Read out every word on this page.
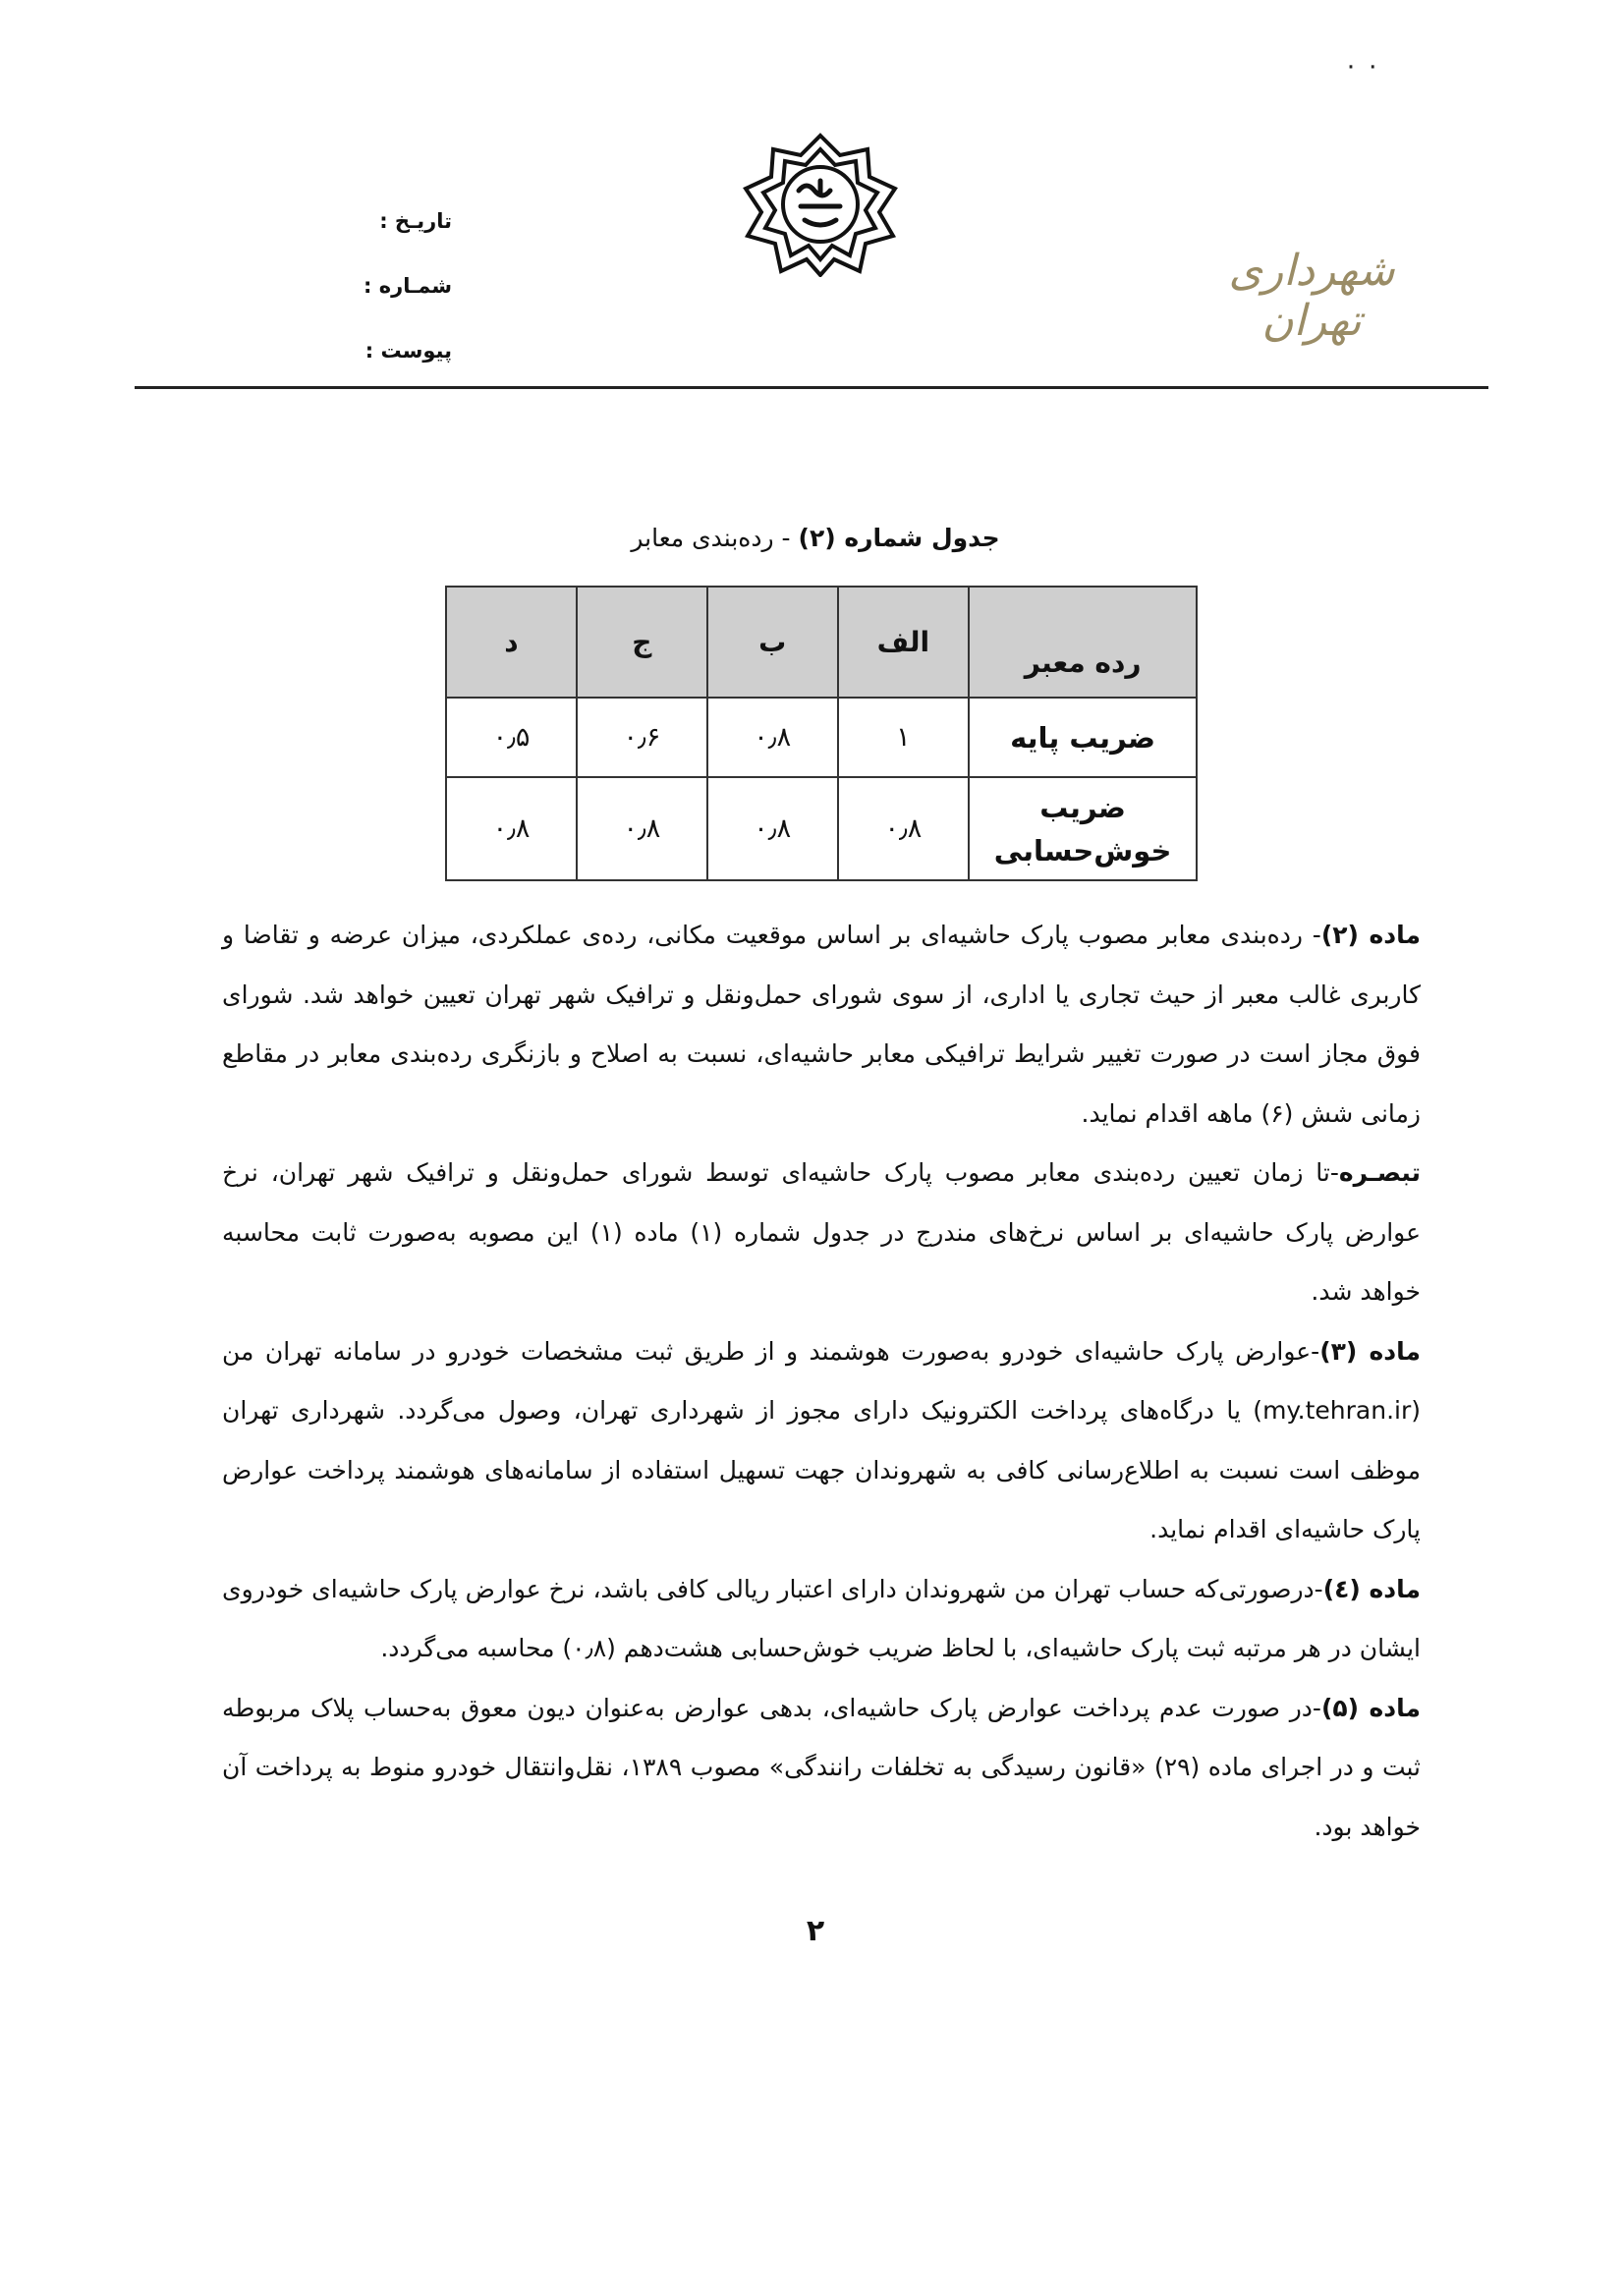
٠ ٠
تاریـخ :
شمـاره :
پیوست :
شهرداری تهران
جدول شماره (۲) - رده‌بندی معابر
رده معبر	الف	ب	ج	د
ضریب پایه	۱	۰٫۸	۰٫۶	۰٫۵
ضریب خوش‌حسابی	۰٫۸	۰٫۸	۰٫۸	۰٫۸

ماده (۲)- رده‌بندی معابر مصوب پارک حاشیه‌ای بر اساس موقعیت مکانی، رده‌ی عملکردی، میزان عرضه و تقاضا و کاربری غالب معبر از حیث تجاری یا اداری، از سوی شورای حمل‌ونقل و ترافیک شهر تهران تعیین خواهد شد. شورای فوق مجاز است در صورت تغییر شرایط ترافیکی معابر حاشیه‌ای، نسبت به اصلاح و بازنگری رده‌بندی معابر در مقاطع زمانی شش (۶) ماهه اقدام نماید.

تبصـره-تا زمان تعیین رده‌بندی معابر مصوب پارک حاشیه‌ای توسط شورای حمل‌ونقل و ترافیک شهر تهران، نرخ عوارض پارک حاشیه‌ای بر اساس نرخ‌های مندرج در جدول شماره (۱) ماده (۱) این مصوبه به‌صورت ثابت محاسبه خواهد شد.

ماده (۳)-عوارض پارک حاشیه‌ای خودرو به‌صورت هوشمند و از طریق ثبت مشخصات خودرو در سامانه تهران من (my.tehran.ir) یا درگاه‌های پرداخت الکترونیک دارای مجوز از شهرداری تهران، وصول می‌گردد. شهرداری تهران موظف است نسبت به اطلاع‌رسانی کافی به شهروندان جهت تسهیل استفاده از سامانه‌های هوشمند پرداخت عوارض پارک حاشیه‌ای اقدام نماید.

ماده (٤)-درصورتی‌که حساب تهران من شهروندان دارای اعتبار ریالی کافی باشد، نرخ عوارض پارک حاشیه‌ای خودروی ایشان در هر مرتبه ثبت پارک حاشیه‌ای، با لحاظ ضریب خوش‌حسابی هشت‌دهم (۰٫۸) محاسبه می‌گردد.

ماده (۵)-در صورت عدم پرداخت عوارض پارک حاشیه‌ای، بدهی عوارض به‌عنوان دیون معوق به‌حساب پلاک مربوطه ثبت و در اجرای ماده (۲۹) «قانون رسیدگی به تخلفات رانندگی» مصوب ۱۳۸۹، نقل‌وانتقال خودرو منوط به پرداخت آن خواهد بود.

۲
